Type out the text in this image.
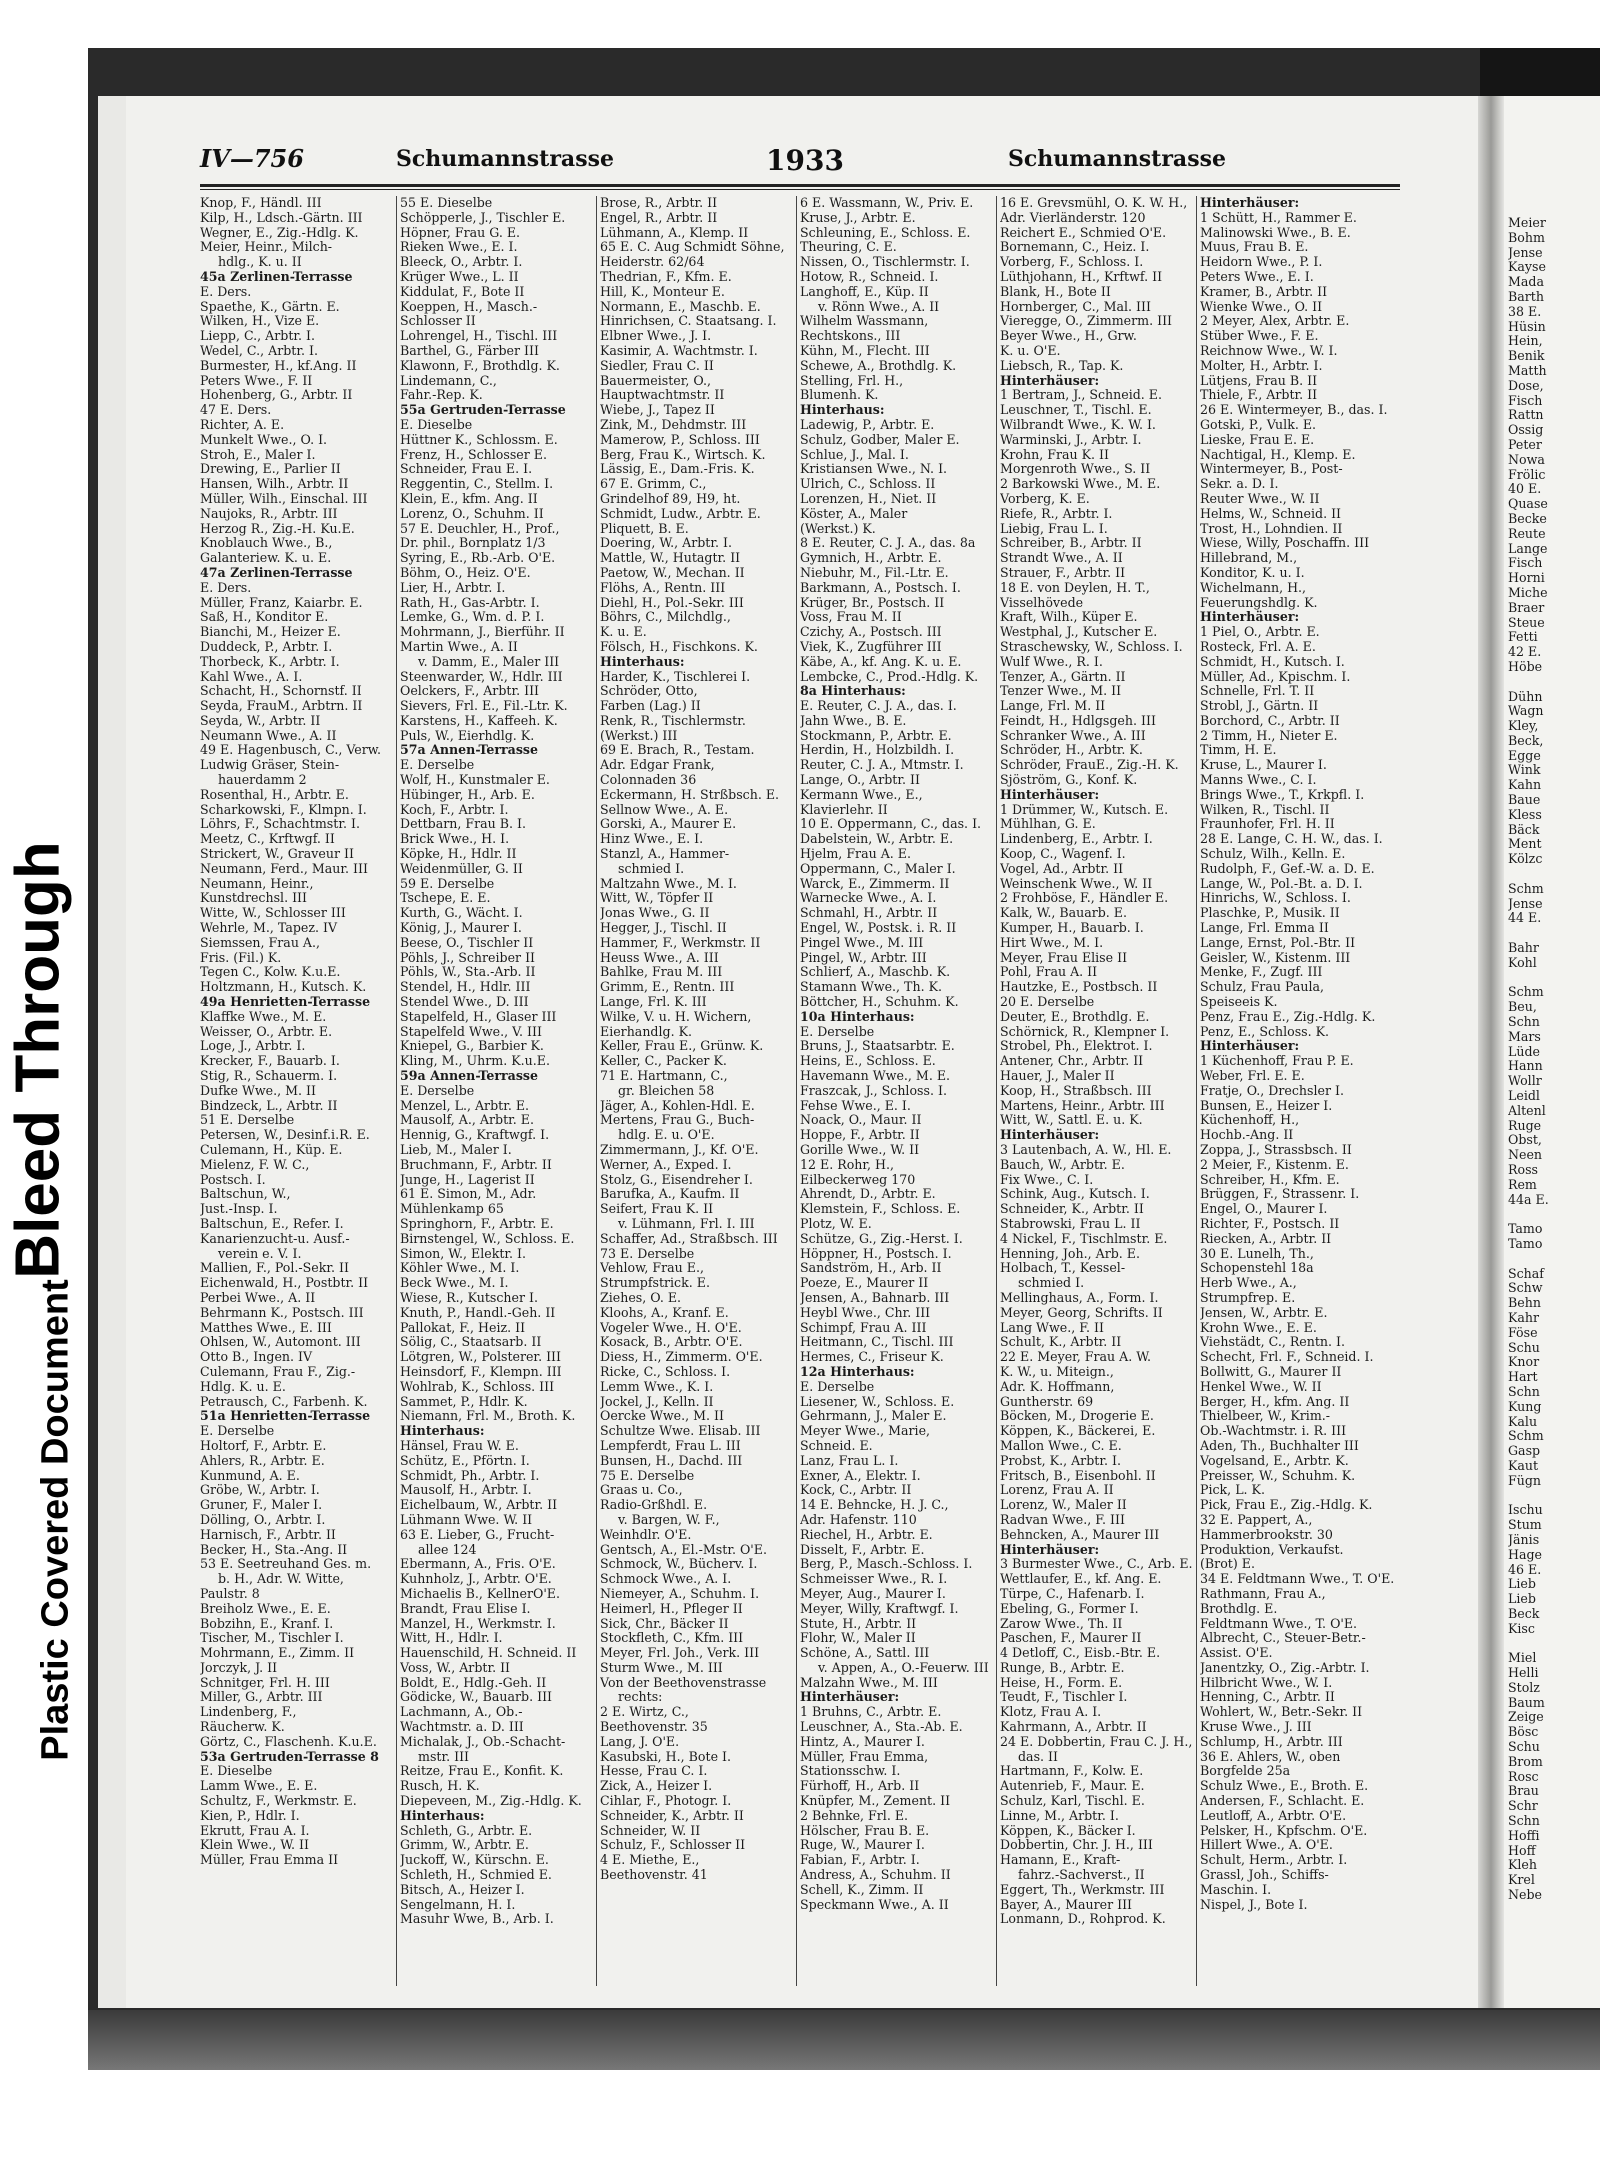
Bleed Through
Plastic Covered Document
IV—756	Schumannstrasse	1933	Schumannstrasse
Knop, F., Händl. III
Kilp, H., Ldsch.-Gärtn. III
Wegner, E., Zig.-Hdlg. K.
Meier, Heinr., Milch-
hdlg., K. u. II
45a Zerlinen-Terrasse
E. Ders.
Spaethe, K., Gärtn. E.
Wilken, H., Vize E.
Liepp, C., Arbtr. I.
Wedel, C., Arbtr. I.
Burmester, H., kf.Ang. II
Peters Wwe., F. II
Hohenberg, G., Arbtr. II
47 E. Ders.
Richter, A. E.
Munkelt Wwe., O. I.
Stroh, E., Maler I.
Drewing, E., Parlier II
Hansen, Wilh., Arbtr. II
Müller, Wilh., Einschal. III
Naujoks, R., Arbtr. III
Herzog R., Zig.-H. Ku.E.
Knoblauch Wwe., B.,
Galanteriew. K. u. E.
47a Zerlinen-Terrasse
E. Ders.
Müller, Franz, Kaiarbr. E.
Saß, H., Konditor E.
Bianchi, M., Heizer E.
Duddeck, P., Arbtr. I.
Thorbeck, K., Arbtr. I.
Kahl Wwe., A. I.
Schacht, H., Schornstf. II
Seyda, FrauM., Arbtrn. II
Seyda, W., Arbtr. II
Neumann Wwe., A. II
49 E. Hagenbusch, C., Verw.
Ludwig Gräser, Stein-
hauerdamm 2
Rosenthal, H., Arbtr. E.
Scharkowski, F., Klmpn. I.
Löhrs, F., Schachtmstr. I.
Meetz, C., Krftwgf. II
Strickert, W., Graveur II
Neumann, Ferd., Maur. III
Neumann, Heinr.,
Kunstdrechsl. III
Witte, W., Schlosser III
Wehrle, M., Tapez. IV
Siemssen, Frau A.,
Fris. (Fil.) K.
Tegen C., Kolw. K.u.E.
Holtzmann, H., Kutsch. K.
49a Henrietten-Terrasse
Klaffke Wwe., M. E.
Weisser, O., Arbtr. E.
Loge, J., Arbtr. I.
Krecker, F., Bauarb. I.
Stig, R., Schauerm. I.
Dufke Wwe., M. II
Bindzeck, L., Arbtr. II
51 E. Derselbe
Petersen, W., Desinf.i.R. E.
Culemann, H., Küp. E.
Mielenz, F. W. C.,
Postsch. I.
Baltschun, W.,
Just.-Insp. I.
Baltschun, E., Refer. I.
Kanarienzucht-u. Ausf.-
verein e. V. I.
Mallien, F., Pol.-Sekr. II
Eichenwald, H., Postbtr. II
Perbei Wwe., A. II
Behrmann K., Postsch. III
Matthes Wwe., E. III
Ohlsen, W., Automont. III
Otto B., Ingen. IV
Culemann, Frau F., Zig.-
Hdlg. K. u. E.
Petrausch, C., Farbenh. K.
51a Henrietten-Terrasse
E. Derselbe
Holtorf, F., Arbtr. E.
Ahlers, R., Arbtr. E.
Kunmund, A. E.
Gröbe, W., Arbtr. I.
Gruner, F., Maler I.
Dölling, O., Arbtr. I.
Harnisch, F., Arbtr. II
Becker, H., Sta.-Ang. II
53 E. Seetreuhand Ges. m.
b. H., Adr. W. Witte,
Paulstr. 8
Breiholz Wwe., E. E.
Bobzihn, E., Kranf. I.
Tischer, M., Tischler I.
Mohrmann, E., Zimm. II
Jorczyk, J. II
Schnitger, Frl. H. III
Miller, G., Arbtr. III
Lindenberg, F.,
Räucherw. K.
Görtz, C., Flaschenh. K.u.E.
53a Gertruden-Terrasse 8
E. Dieselbe
Lamm Wwe., E. E.
Schultz, F., Werkmstr. E.
Kien, P., Hdlr. I.
Ekrutt, Frau A. I.
Klein Wwe., W. II
Müller, Frau Emma II
55 E. Dieselbe
Schöpperle, J., Tischler E.
Höpner, Frau G. E.
Rieken Wwe., E. I.
Bleeck, O., Arbtr. I.
Krüger Wwe., L. II
Kiddulat, F., Bote II
Koeppen, H., Masch.-
Schlosser II
Lohrengel, H., Tischl. III
Barthel, G., Färber III
Klawonn, F., Brothdlg. K.
Lindemann, C.,
Fahr.-Rep. K.
55a Gertruden-Terrasse
E. Dieselbe
Hüttner K., Schlossm. E.
Frenz, H., Schlosser E.
Schneider, Frau E. I.
Reggentin, C., Stellm. I.
Klein, E., kfm. Ang. II
Lorenz, O., Schuhm. II
57 E. Deuchler, H., Prof.,
Dr. phil., Bornplatz 1/3
Syring, E., Rb.-Arb. O'E.
Böhm, O., Heiz. O'E.
Lier, H., Arbtr. I.
Rath, H., Gas-Arbtr. I.
Lemke, G., Wm. d. P. I.
Mohrmann, J., Bierführ. II
Martin Wwe., A. II
v. Damm, E., Maler III
Steenwarder, W., Hdlr. III
Oelckers, F., Arbtr. III
Sievers, Frl. E., Fil.-Ltr. K.
Karstens, H., Kaffeeh. K.
Puls, W., Eierhdlg. K.
57a Annen-Terrasse
E. Derselbe
Wolf, H., Kunstmaler E.
Hübinger, H., Arb. E.
Koch, F., Arbtr. I.
Dettbarn, Frau B. I.
Brick Wwe., H. I.
Köpke, H., Hdlr. II
Weidenmüller, G. II
59 E. Derselbe
Tschepe, E. E.
Kurth, G., Wächt. I.
König, J., Maurer I.
Beese, O., Tischler II
Pöhls, J., Schreiber II
Pöhls, W., Sta.-Arb. II
Stendel, H., Hdlr. III
Stendel Wwe., D. III
Stapelfeld, H., Glaser III
Stapelfeld Wwe., V. III
Kniepel, G., Barbier K.
Kling, M., Uhrm. K.u.E.
59a Annen-Terrasse
E. Derselbe
Menzel, L., Arbtr. E.
Mausolf, A., Arbtr. E.
Hennig, G., Kraftwgf. I.
Lieb, M., Maler I.
Bruchmann, F., Arbtr. II
Junge, H., Lagerist II
61 E. Simon, M., Adr.
Mühlenkamp 65
Springhorn, F., Arbtr. E.
Birnstengel, W., Schloss. E.
Simon, W., Elektr. I.
Köhler Wwe., M. I.
Beck Wwe., M. I.
Wiese, R., Kutscher I.
Knuth, P., Handl.-Geh. II
Pallokat, F., Heiz. II
Sölig, C., Staatsarb. II
Lötgren, W., Polsterer. III
Heinsdorf, F., Klempn. III
Wohlrab, K., Schloss. III
Sammet, P., Hdlr. K.
Niemann, Frl. M., Broth. K.
Hinterhaus:
Hänsel, Frau W. E.
Schütz, E., Pförtn. I.
Schmidt, Ph., Arbtr. I.
Mausolf, H., Arbtr. I.
Eichelbaum, W., Arbtr. II
Lühmann Wwe. W. II
63 E. Lieber, G., Frucht-
allee 124
Ebermann, A., Fris. O'E.
Kuhnholz, J., Arbtr. O'E.
Michaelis B., KellnerO'E.
Brandt, Frau Elise I.
Manzel, H., Werkmstr. I.
Witt, H., Hdlr. I.
Hauenschild, H. Schneid. II
Voss, W., Arbtr. II
Boldt, E., Hdlg.-Geh. II
Gödicke, W., Bauarb. III
Lachmann, A., Ob.-
Wachtmstr. a. D. III
Michalak, J., Ob.-Schacht-
mstr. III
Reitze, Frau E., Konfit. K.
Rusch, H. K.
Diepeveen, M., Zig.-Hdlg. K.
Hinterhaus:
Schleth, G., Arbtr. E.
Grimm, W., Arbtr. E.
Juckoff, W., Kürschn. E.
Schleth, H., Schmied E.
Bitsch, A., Heizer I.
Sengelmann, H. I.
Masuhr Wwe, B., Arb. I.
Brose, R., Arbtr. II
Engel, R., Arbtr. II
Lühmann, A., Klemp. II
65 E. C. Aug Schmidt Söhne,
Heiderstr. 62/64
Thedrian, F., Kfm. E.
Hill, K., Monteur E.
Normann, E., Maschb. E.
Hinrichsen, C. Staatsang. I.
Elbner Wwe., J. I.
Kasimir, A. Wachtmstr. I.
Siedler, Frau C. II
Bauermeister, O.,
Hauptwachtmstr. II
Wiebe, J., Tapez II
Zink, M., Dehdmstr. III
Mamerow, P., Schloss. III
Berg, Frau K., Wirtsch. K.
Lässig, E., Dam.-Fris. K.
67 E. Grimm, C.,
Grindelhof 89, H9, ht.
Schmidt, Ludw., Arbtr. E.
Pliquett, B. E.
Doering, W., Arbtr. I.
Mattle, W., Hutagtr. II
Paetow, W., Mechan. II
Flöhs, A., Rentn. III
Diehl, H., Pol.-Sekr. III
Böhrs, C., Milchdlg.,
K. u. E.
Fölsch, H., Fischkons. K.
Hinterhaus:
Harder, K., Tischlerei I.
Schröder, Otto,
Farben (Lag.) II
Renk, R., Tischlermstr.
(Werkst.) III
69 E. Brach, R., Testam.
Adr. Edgar Frank,
Colonnaden 36
Eckermann, H. Strßbsch. E.
Sellnow Wwe., A. E.
Gorski, A., Maurer E.
Hinz Wwe., E. I.
Stanzl, A., Hammer-
schmied I.
Maltzahn Wwe., M. I.
Witt, W., Töpfer II
Jonas Wwe., G. II
Hegger, J., Tischl. II
Hammer, F., Werkmstr. II
Heuss Wwe., A. III
Bahlke, Frau M. III
Grimm, E., Rentn. III
Lange, Frl. K. III
Wilke, V. u. H. Wichern,
Eierhandlg. K.
Keller, Frau E., Grünw. K.
Keller, C., Packer K.
71 E. Hartmann, C.,
gr. Bleichen 58
Jäger, A., Kohlen-Hdl. E.
Mertens, Frau G., Buch-
hdlg. E. u. O'E.
Zimmermann, J., Kf. O'E.
Werner, A., Exped. I.
Stolz, G., Eisendreher I.
Barufka, A., Kaufm. II
Seifert, Frau K. II
v. Lühmann, Frl. I. III
Schaffer, Ad., Straßbsch. III
73 E. Derselbe
Vehlow, Frau E.,
Strumpfstrick. E.
Ziehes, O. E.
Kloohs, A., Kranf. E.
Vogeler Wwe., H. O'E.
Kosack, B., Arbtr. O'E.
Diess, H., Zimmerm. O'E.
Ricke, C., Schloss. I.
Lemm Wwe., K. I.
Jockel, J., Kelln. II
Oercke Wwe., M. II
Schultze Wwe. Elisab. III
Lempferdt, Frau L. III
Bunsen, H., Dachd. III
75 E. Derselbe
Graas u. Co.,
Radio-Grßhdl. E.
v. Bargen, W. F.,
Weinhdlr. O'E.
Gentsch, A., El.-Mstr. O'E.
Schmock, W., Bücherv. I.
Schmock Wwe., A. I.
Niemeyer, A., Schuhm. I.
Heimerl, H., Pfleger II
Sick, Chr., Bäcker II
Stockfleth, C., Kfm. III
Meyer, Frl. Joh., Verk. III
Sturm Wwe., M. III
Von der Beethovenstrasse
rechts:
2 E. Wirtz, C.,
Beethovenstr. 35
Lang, J. O'E.
Kasubski, H., Bote I.
Hesse, Frau C. I.
Zick, A., Heizer I.
Cihlar, F., Photogr. I.
Schneider, K., Arbtr. II
Schneider, W. II
Schulz, F., Schlosser II
4 E. Miethe, E.,
Beethovenstr. 41
6 E. Wassmann, W., Priv. E.
Kruse, J., Arbtr. E.
Schleuning, E., Schloss. E.
Theuring, C. E.
Nissen, O., Tischlermstr. I.
Hotow, R., Schneid. I.
Langhoff, E., Küp. II
v. Rönn Wwe., A. II
Wilhelm Wassmann,
Rechtskons., III
Kühn, M., Flecht. III
Schewe, A., Brothdlg. K.
Stelling, Frl. H.,
Blumenh. K.
Hinterhaus:
Ladewig, P., Arbtr. E.
Schulz, Godber, Maler E.
Schlue, J., Mal. I.
Kristiansen Wwe., N. I.
Ulrich, C., Schloss. II
Lorenzen, H., Niet. II
Köster, A., Maler
(Werkst.) K.
8 E. Reuter, C. J. A., das. 8a
Gymnich, H., Arbtr. E.
Niebuhr, M., Fil.-Ltr. E.
Barkmann, A., Postsch. I.
Krüger, Br., Postsch. II
Voss, Frau M. II
Czichy, A., Postsch. III
Viek, K., Zugführer III
Käbe, A., kf. Ang. K. u. E.
Lembcke, C., Prod.-Hdlg. K.
8a Hinterhaus:
E. Reuter, C. J. A., das. I.
Jahn Wwe., B. E.
Stockmann, P., Arbtr. E.
Herdin, H., Holzbildh. I.
Reuter, C. J. A., Mtmstr. I.
Lange, O., Arbtr. II
Kermann Wwe., E.,
Klavierlehr. II
10 E. Oppermann, C., das. I.
Dabelstein, W., Arbtr. E.
Hjelm, Frau A. E.
Oppermann, C., Maler I.
Warck, E., Zimmerm. II
Warnecke Wwe., A. I.
Schmahl, H., Arbtr. II
Engel, W., Postsk. i. R. II
Pingel Wwe., M. III
Pingel, W., Arbtr. III
Schlierf, A., Maschb. K.
Stamann Wwe., Th. K.
Böttcher, H., Schuhm. K.
10a Hinterhaus:
E. Derselbe
Bruns, J., Staatsarbtr. E.
Heins, E., Schloss. E.
Havemann Wwe., M. E.
Fraszcak, J., Schloss. I.
Fehse Wwe., E. I.
Noack, O., Maur. II
Hoppe, F., Arbtr. II
Gorille Wwe., W. II
12 E. Rohr, H.,
Eilbeckerweg 170
Ahrendt, D., Arbtr. E.
Klemstein, F., Schloss. E.
Plotz, W. E.
Schütze, G., Zig.-Herst. I.
Höppner, H., Postsch. I.
Sandström, H., Arb. II
Poeze, E., Maurer II
Jensen, A., Bahnarb. III
Heybl Wwe., Chr. III
Schimpf, Frau A. III
Heitmann, C., Tischl. III
Hermes, C., Friseur K.
12a Hinterhaus:
E. Derselbe
Liesener, W., Schloss. E.
Gehrmann, J., Maler E.
Meyer Wwe., Marie,
Schneid. E.
Lanz, Frau L. I.
Exner, A., Elektr. I.
Kock, C., Arbtr. II
14 E. Behncke, H. J. C.,
Adr. Hafenstr. 110
Riechel, H., Arbtr. E.
Disselt, F., Arbtr. E.
Berg, P., Masch.-Schloss. I.
Schmeisser Wwe., R. I.
Meyer, Aug., Maurer I.
Meyer, Willy, Kraftwgf. I.
Stute, H., Arbtr. II
Flohr, W., Maler II
Schöne, A., Sattl. III
v. Appen, A., O.-Feuerw. III
Malzahn Wwe., M. III
Hinterhäuser:
1 Bruhns, C., Arbtr. E.
Leuschner, A., Sta.-Ab. E.
Hintz, A., Maurer I.
Müller, Frau Emma,
Stationsschw. I.
Fürhoff, H., Arb. II
Knüpfer, M., Zement. II
2 Behnke, Frl. E.
Hölscher, Frau B. E.
Ruge, W., Maurer I.
Fabian, F., Arbtr. I.
Andress, A., Schuhm. II
Schell, K., Zimm. II
Speckmann Wwe., A. II
16 E. Grevsmühl, O. K. W. H.,
Adr. Vierländerstr. 120
Reichert E., Schmied O'E.
Bornemann, C., Heiz. I.
Vorberg, F., Schloss. I.
Lüthjohann, H., Krftwf. II
Blank, H., Bote II
Hornberger, C., Mal. III
Vieregge, O., Zimmerm. III
Beyer Wwe., H., Grw.
K. u. O'E.
Liebsch, R., Tap. K.
Hinterhäuser:
1 Bertram, J., Schneid. E.
Leuschner, T., Tischl. E.
Wilbrandt Wwe., K. W. I.
Warminski, J., Arbtr. I.
Krohn, Frau K. II
Morgenroth Wwe., S. II
2 Barkowski Wwe., M. E.
Vorberg, K. E.
Riefe, R., Arbtr. I.
Liebig, Frau L. I.
Schreiber, B., Arbtr. II
Strandt Wwe., A. II
Strauer, F., Arbtr. II
18 E. von Deylen, H. T.,
Visselhövede
Kraft, Wilh., Küper E.
Westphal, J., Kutscher E.
Straschewsky, W., Schloss. I.
Wulf Wwe., R. I.
Tenzer, A., Gärtn. II
Tenzer Wwe., M. II
Lange, Frl. M. II
Feindt, H., Hdlgsgeh. III
Schranker Wwe., A. III
Schröder, H., Arbtr. K.
Schröder, FrauE., Zig.-H. K.
Sjöström, G., Konf. K.
Hinterhäuser:
1 Drümmer, W., Kutsch. E.
Mühlhan, G. E.
Lindenberg, E., Arbtr. I.
Koop, C., Wagenf. I.
Vogel, Ad., Arbtr. II
Weinschenk Wwe., W. II
2 Frohböse, F., Händler E.
Kalk, W., Bauarb. E.
Kumper, H., Bauarb. I.
Hirt Wwe., M. I.
Meyer, Frau Elise II
Pohl, Frau A. II
Hautzke, E., Postbsch. II
20 E. Derselbe
Deuter, E., Brothdlg. E.
Schörnick, R., Klempner I.
Strobel, Ph., Elektrot. I.
Antener, Chr., Arbtr. II
Hauer, J., Maler II
Koop, H., Straßbsch. III
Martens, Heinr., Arbtr. III
Witt, W., Sattl. E. u. K.
Hinterhäuser:
3 Lautenbach, A. W., Hl. E.
Bauch, W., Arbtr. E.
Fix Wwe., C. I.
Schink, Aug., Kutsch. I.
Schneider, K., Arbtr. II
Stabrowski, Frau L. II
4 Nickel, F., Tischlmstr. E.
Henning, Joh., Arb. E.
Holbach, T., Kessel-
schmied I.
Mellinghaus, A., Form. I.
Meyer, Georg, Schrifts. II
Lang Wwe., F. II
Schult, K., Arbtr. II
22 E. Meyer, Frau A. W.
K. W., u. Miteign.,
Adr. K. Hoffmann,
Guntherstr. 69
Böcken, M., Drogerie E.
Köppen, K., Bäckerei, E.
Mallon Wwe., C. E.
Probst, K., Arbtr. I.
Fritsch, B., Eisenbohl. II
Lorenz, Frau A. II
Lorenz, W., Maler II
Radvan Wwe., F. III
Behncken, A., Maurer III
Hinterhäuser:
3 Burmester Wwe., C., Arb. E.
Wettlaufer, E., kf. Ang. E.
Türpe, C., Hafenarb. I.
Ebeling, G., Former I.
Zarow Wwe., Th. II
Paschen, F., Maurer II
4 Detloff, C., Eisb.-Btr. E.
Runge, B., Arbtr. E.
Heise, H., Form. E.
Teudt, F., Tischler I.
Klotz, Frau A. I.
Kahrmann, A., Arbtr. II
24 E. Dobbertin, Frau C. J. H.,
das. II
Hartmann, F., Kolw. E.
Autenrieb, F., Maur. E.
Schulz, Karl, Tischl. E.
Linne, M., Arbtr. I.
Köppen, K., Bäcker I.
Dobbertin, Chr. J. H., III
Hamann, E., Kraft-
fahrz.-Sachverst., II
Eggert, Th., Werkmstr. III
Bayer, A., Maurer III
Lonmann, D., Rohprod. K.
Hinterhäuser:
1 Schütt, H., Rammer E.
Malinowski Wwe., B. E.
Muus, Frau B. E.
Heidorn Wwe., P. I.
Peters Wwe., E. I.
Kramer, B., Arbtr. II
Wienke Wwe., O. II
2 Meyer, Alex, Arbtr. E.
Stüber Wwe., F. E.
Reichnow Wwe., W. I.
Molter, H., Arbtr. I.
Lütjens, Frau B. II
Thiele, F., Arbtr. II
26 E. Wintermeyer, B., das. I.
Gotski, P., Vulk. E.
Lieske, Frau E. E.
Nachtigal, H., Klemp. E.
Wintermeyer, B., Post-
Sekr. a. D. I.
Reuter Wwe., W. II
Helms, W., Schneid. II
Trost, H., Lohndien. II
Wiese, Willy, Poschaffn. III
Hillebrand, M.,
Konditor, K. u. I.
Wichelmann, H.,
Feuerungshdlg. K.
Hinterhäuser:
1 Piel, O., Arbtr. E.
Rosteck, Frl. A. E.
Schmidt, H., Kutsch. I.
Müller, Ad., Kpischm. I.
Schnelle, Frl. T. II
Strobl, J., Gärtn. II
Borchord, C., Arbtr. II
2 Timm, H., Nieter E.
Timm, H. E.
Kruse, L., Maurer I.
Manns Wwe., C. I.
Brings Wwe., T., Krkpfl. I.
Wilken, R., Tischl. II
Fraunhofer, Frl. H. II
28 E. Lange, C. H. W., das. I.
Schulz, Wilh., Kelln. E.
Rudolph, F., Gef.-W. a. D. E.
Lange, W., Pol.-Bt. a. D. I.
Hinrichs, W., Schloss. I.
Plaschke, P., Musik. II
Lange, Frl. Emma II
Lange, Ernst, Pol.-Btr. II
Geisler, W., Kistenm. III
Menke, F., Zugf. III
Schulz, Frau Paula,
Speiseeis K.
Penz, Frau E., Zig.-Hdlg. K.
Penz, E., Schloss. K.
Hinterhäuser:
1 Küchenhoff, Frau P. E.
Weber, Frl. E. E.
Fratje, O., Drechsler I.
Bunsen, E., Heizer I.
Küchenhoff, H.,
Hochb.-Ang. II
Zoppa, J., Strassbsch. II
2 Meier, F., Kistenm. E.
Schreiber, H., Kfm. E.
Brüggen, F., Strassenr. I.
Engel, O., Maurer I.
Richter, F., Postsch. II
Riecken, A., Arbtr. II
30 E. Lunelh, Th.,
Schopenstehl 18a
Herb Wwe., A.,
Strumpfrep. E.
Jensen, W., Arbtr. E.
Krohn Wwe., E. E.
Viehstädt, C., Rentn. I.
Schecht, Frl. F., Schneid. I.
Bollwitt, G., Maurer II
Henkel Wwe., W. II
Berger, H., kfm. Ang. II
Thielbeer, W., Krim.-
Ob.-Wachtmstr. i. R. III
Aden, Th., Buchhalter III
Vogelsand, E., Arbtr. K.
Preisser, W., Schuhm. K.
Pick, L. K.
Pick, Frau E., Zig.-Hdlg. K.
32 E. Pappert, A.,
Hammerbrookstr. 30
Produktion, Verkaufst.
(Brot) E.
34 E. Feldtmann Wwe., T. O'E.
Rathmann, Frau A.,
Brothdlg. E.
Feldtmann Wwe., T. O'E.
Albrecht, C., Steuer-Betr.-
Assist. O'E.
Janentzky, O., Zig.-Arbtr. I.
Hilbricht Wwe., W. I.
Henning, C., Arbtr. II
Wohlert, W., Betr.-Sekr. II
Kruse Wwe., J. III
Schlump, H., Arbtr. III
36 E. Ahlers, W., oben
Borgfelde 25a
Schulz Wwe., E., Broth. E.
Andersen, F., Schlacht. E.
Leutloff, A., Arbtr. O'E.
Pelsker, H., Kpfschm. O'E.
Hillert Wwe., A. O'E.
Schult, Herm., Arbtr. I.
Grassl, Joh., Schiffs-
Maschin. I.
Nispel, J., Bote I.
Meier
Bohm
Jense
Kayse
Mada
Barth
38 E.
Hüsin
Hein,
Benik
Matth
Dose,
Fisch
Rattn
Ossig
Peter
Nowa
Frölic
40 E.
Quase
Becke
Reute
Lange
Fisch
Horni
Miche
Braer
Steue
Fetti
42 E.
Höbe

Dühn
Wagn
Kley,
Beck,
Egge
Wink
Kahn
Baue
Kless
Bäck
Ment
Kölzc

Schm
Jense
44 E.

Bahr
Kohl

Schm
Beu,
Schn
Mars
Lüde
Hann
Wollr
Leidl
Altenl
Ruge
Obst,
Neen
Ross
Rem
44a E.

Tamo
Tamo

Schaf
Schw
Behn
Kahr
Föse
Schu
Knor
Hart
Schn
Kung
Kalu
Schm
Gasp
Kaut
Fügn

Ischu
Stum
Jänis
Hage
46 E.
Lieb
Lieb
Beck
Kisc

Miel
Helli
Stolz
Baum
Zeige
Bösc
Schu
Brom
Rosc
Brau
Schr
Schn
Hoffi
Hoff
Kleh
Krel
Nebe
